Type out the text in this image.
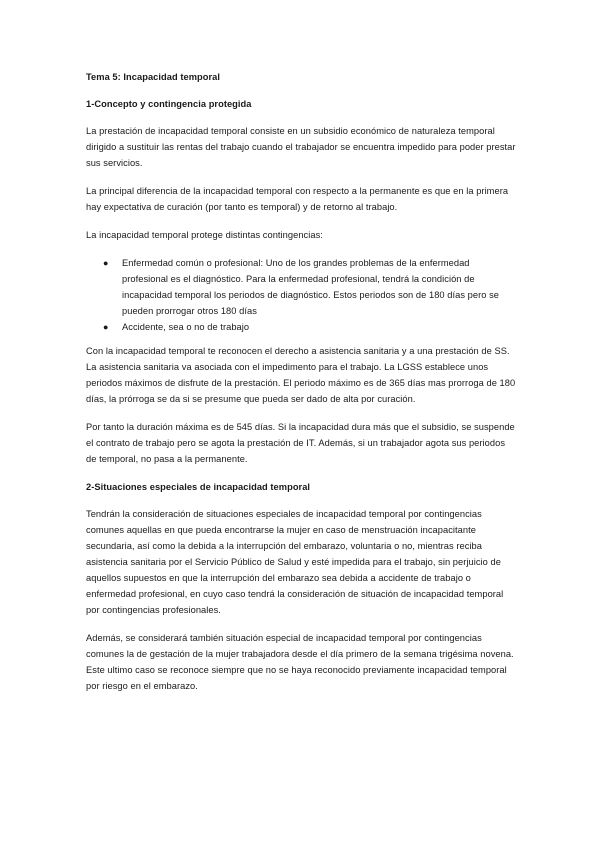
Tema 5: Incapacidad temporal
1-Concepto y contingencia protegida

La prestación de incapacidad temporal consiste en un subsidio económico de naturaleza temporal dirigido a sustituir las rentas del trabajo cuando el trabajador se encuentra impedido para poder prestar sus servicios.

La principal diferencia de la incapacidad temporal con respecto a la permanente es que en la primera hay expectativa de curación (por tanto es temporal) y de retorno al trabajo.

La incapacidad temporal protege distintas contingencias:

● Enfermedad común o profesional: Uno de los grandes problemas de la enfermedad profesional es el diagnóstico. Para la enfermedad profesional, tendrá la condición de incapacidad temporal los periodos de diagnóstico. Estos periodos son de 180 días pero se pueden prorrogar otros 180 días
● Accidente, sea o no de trabajo

Con la incapacidad temporal te reconocen el derecho a asistencia sanitaria y a una prestación de SS. La asistencia sanitaria va asociada con el impedimento para el trabajo. La LGSS establece unos periodos máximos de disfrute de la prestación. El periodo máximo es de 365 días mas prorroga de 180 días, la prórroga se da si se presume que pueda ser dado de alta por curación.

Por tanto la duración máxima es de 545 días. Si la incapacidad dura más que el subsidio, se suspende el contrato de trabajo pero se agota la prestación de IT. Además, si un trabajador agota sus periodos de temporal, no pasa a la permanente.

2-Situaciones especiales de incapacidad temporal

Tendrán la consideración de situaciones especiales de incapacidad temporal por contingencias comunes aquellas en que pueda encontrarse la mujer en caso de menstruación incapacitante secundaria, así como la debida a la interrupción del embarazo, voluntaria o no, mientras reciba asistencia sanitaria por el Servicio Público de Salud y esté impedida para el trabajo, sin perjuicio de aquellos supuestos en que la interrupción del embarazo sea debida a accidente de trabajo o enfermedad profesional, en cuyo caso tendrá la consideración de situación de incapacidad temporal por contingencias profesionales.

Además, se considerará también situación especial de incapacidad temporal por contingencias comunes la de gestación de la mujer trabajadora desde el día primero de la semana trigésima novena. Este ultimo caso se reconoce siempre que no se haya reconocido previamente incapacidad temporal por riesgo en el embarazo.
